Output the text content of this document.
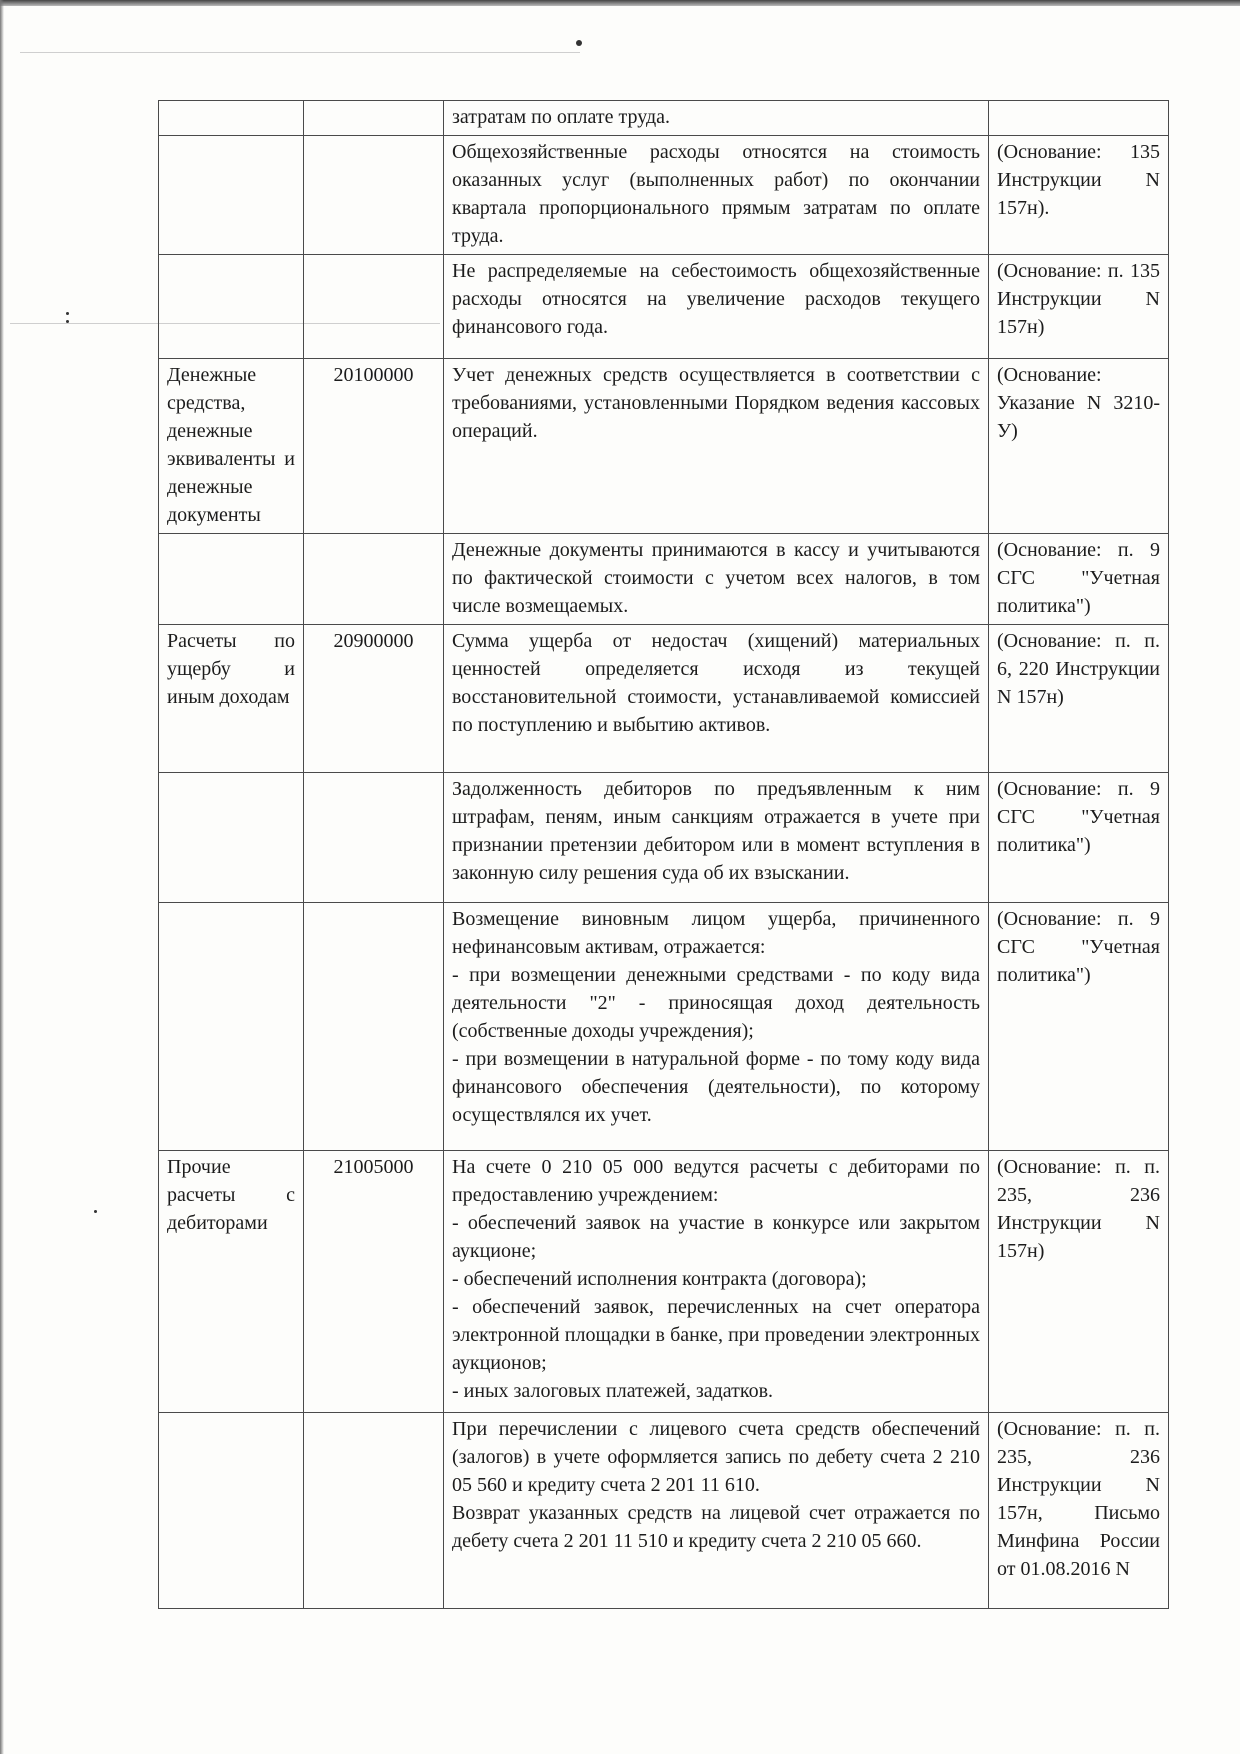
		затратам по оплате труда.	

		Общехозяйственные расходы относятся на стоимость оказанных услуг (выполненных работ) по окончании квартала пропорционального прямым затратам по оплате труда.	(Основание: 135 Инструкции N 157н).

		Не распределяемые на себестоимость общехозяйственные расходы относятся на увеличение расходов текущего финансового года.	(Основание: п. 135 Инструкции N 157н)
Денежные средства, денежные эквиваленты и денежные документы	20100000	Учет денежных средств осуществляется в соответствии с требованиями, установленными Порядком ведения кассовых операций.	(Основание: Указание N 3210-У)

		Денежные документы принимаются в кассу и учитываются по фактической стоимости с учетом всех налогов, в том числе возмещаемых.	(Основание: п. 9 СГС "Учетная политика")
Расчеты по ущербу и иным доходам	20900000	Сумма ущерба от недостач (хищений) материальных ценностей определяется исходя из текущей восстановительной стоимости, устанавливаемой комиссией по поступлению и выбытию активов.	(Основание: п. п. 6, 220 Инструкции N 157н)

		Задолженность дебиторов по предъявленным к ним штрафам, пеням, иным санкциям отражается в учете при признании претензии дебитором или в момент вступления в законную силу решения суда об их взыскании.	(Основание: п. 9 СГС "Учетная политика")

		Возмещение виновным лицом ущерба, причиненного нефинансовым активам, отражается:

- при возмещении денежными средствами - по коду вида деятельности "2" - приносящая доход деятельность (собственные доходы учреждения);

- при возмещении в натуральной форме - по тому коду вида финансового обеспечения (деятельности), по которому осуществлялся их учет.	(Основание: п. 9 СГС "Учетная политика")
Прочие расчеты с дебиторами	21005000	На счете 0 210 05 000 ведутся расчеты с дебиторами по предоставлению учреждением:

- обеспечений заявок на участие в конкурсе или закрытом аукционе;

- обеспечений исполнения контракта (договора);

- обеспечений заявок, перечисленных на счет оператора электронной площадки в банке, при проведении электронных аукционов;

- иных залоговых платежей, задатков.	(Основание: п. п. 235, 236 Инструкции N 157н)

		При перечислении с лицевого счета средств обеспечений (залогов) в учете оформляется запись по дебету счета 2 210 05 560 и кредиту счета 2 201 11 610.

Возврат указанных средств на лицевой счет отражается по дебету счета 2 201 11 510 и кредиту счета 2 210 05 660.	(Основание: п. п. 235, 236 Инструкции N 157н, Письмо Минфина России от 01.08.2016 N
